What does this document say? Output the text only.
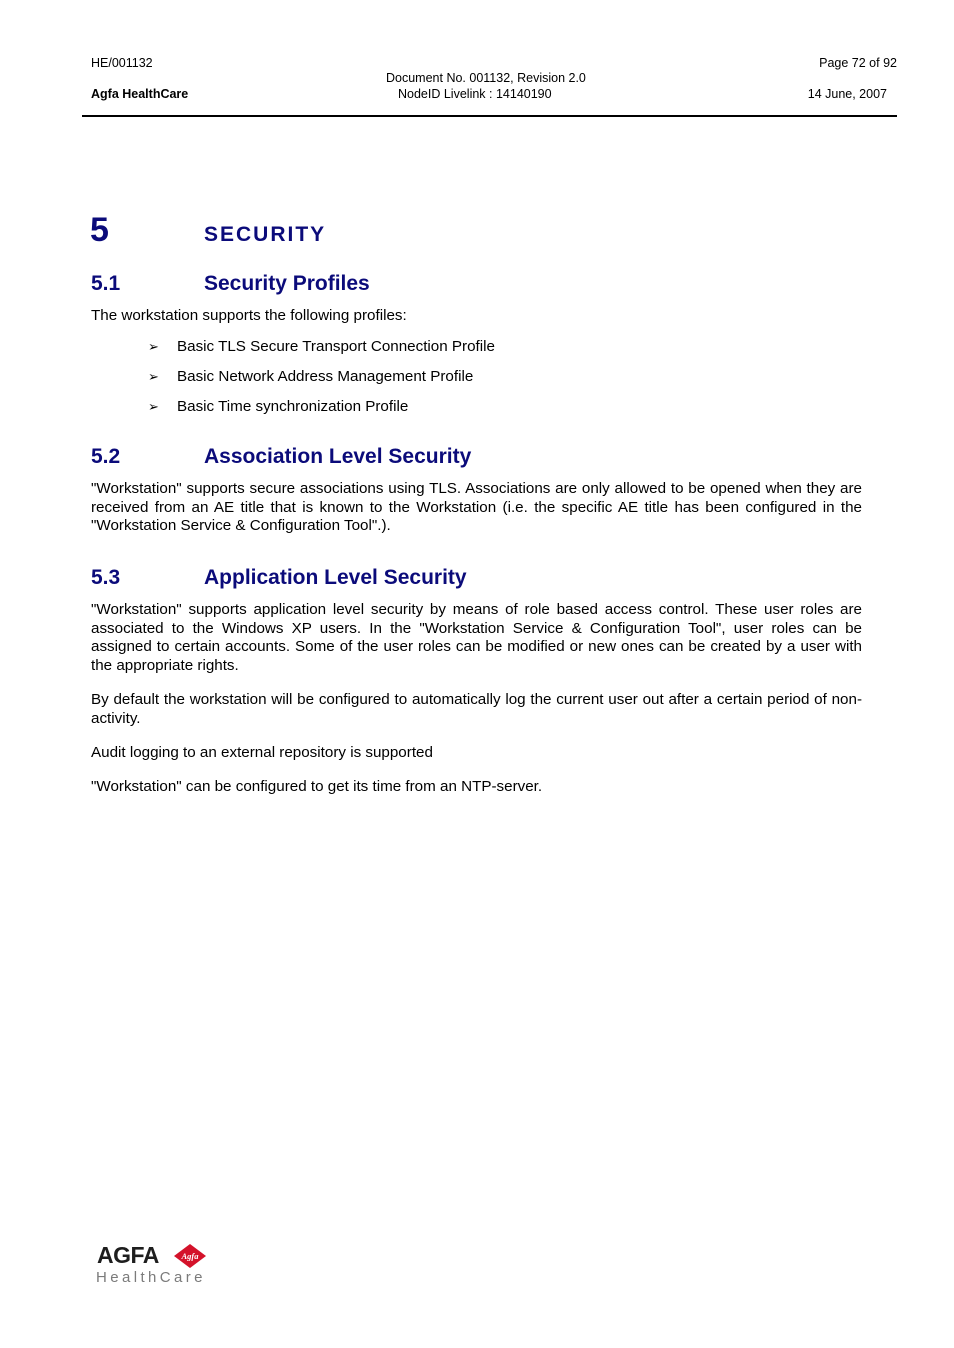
HE/001132
Agfa HealthCare
Document No. 001132, Revision 2.0
NodeID Livelink : 14140190
Page 72 of 92
14 June, 2007
5	SECURITY
5.1	Security Profiles
The workstation supports the following profiles:
➢ Basic TLS Secure Transport Connection Profile
➢ Basic Network Address Management Profile
➢ Basic Time synchronization Profile
5.2	Association Level Security
"Workstation" supports secure associations using TLS. Associations are only allowed to be opened when they are received from an AE title that is known to the Workstation (i.e. the specific AE title has been configured in the "Workstation Service & Configuration Tool".).
5.3	Application Level Security
"Workstation" supports application level security by means of role based access control. These user roles are associated to the Windows XP users. In the "Workstation Service & Configuration Tool", user roles can be assigned to certain accounts. Some of the user roles can be modified or new ones can be created by a user with the appropriate rights.
By default the workstation will be configured to automatically log the current user out after a certain period of non-activity.
Audit logging to an external repository is supported
"Workstation" can be configured to get its time from an NTP-server.
AGFA	Agfa
HealthCare
